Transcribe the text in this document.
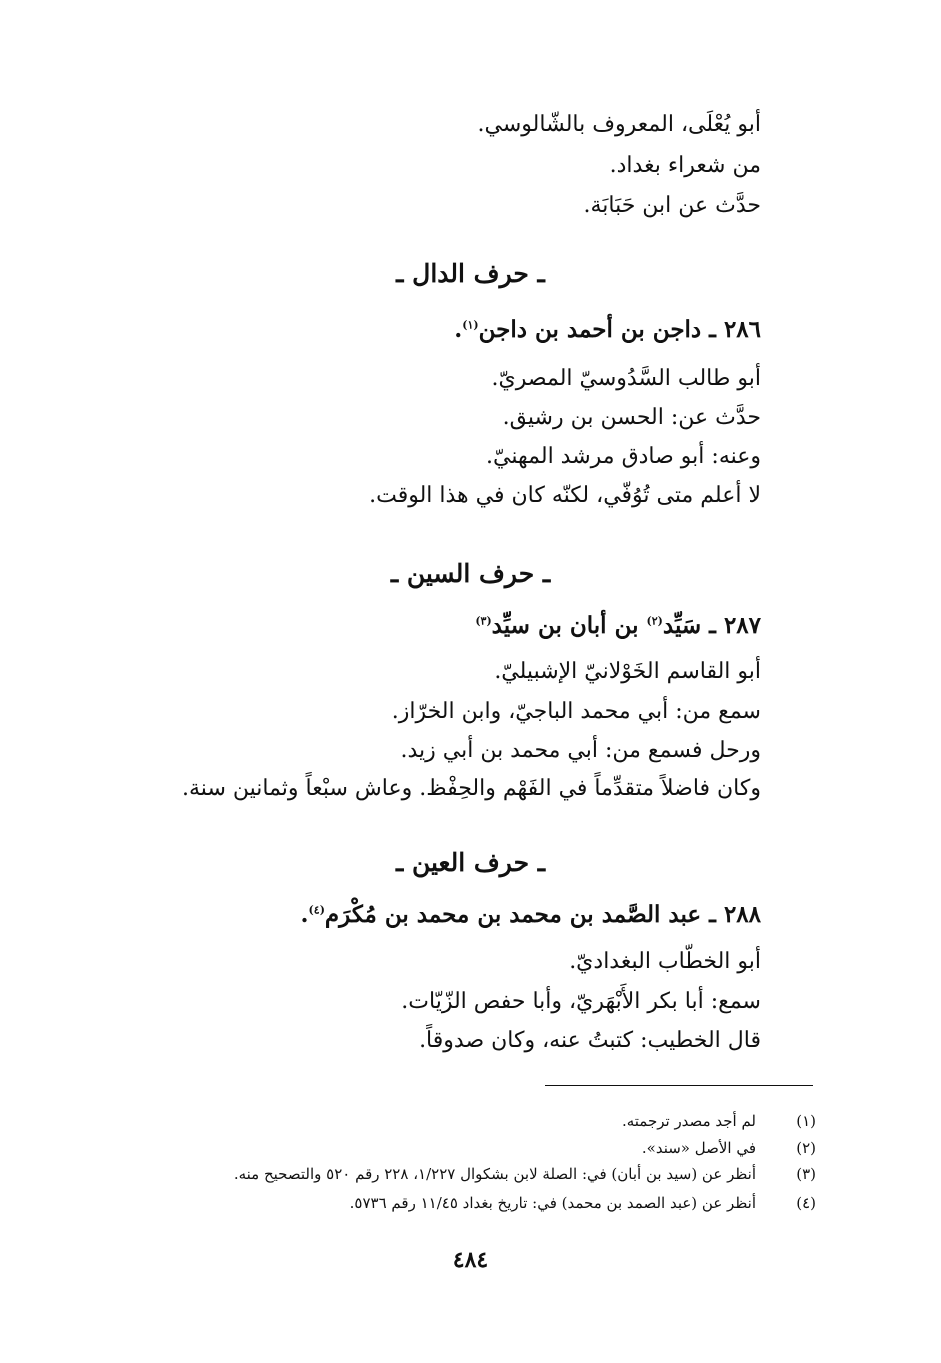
أبو يُعْلَى، المعروف بالشّالوسي.
من شعراء بغداد.
حدَّث عن ابن حَبَابَة.
ـ حرف الدال ـ
٢٨٦ ـ داجن بن أحمد بن داجن$^{(١)}$.
أبو طالب السَّدُوسيّ المصريّ.
حدَّث عن: الحسن بن رشيق.
وعنه: أبو صادق مرشد المهنيّ.
لا أعلم متى تُوُفّي، لكنّه كان في هذا الوقت.
ـ حرف السين ـ
٢٨٧ ـ سَيِّد$^{(٢)}$ بن أبان بن سيِّد$^{(٣)}$
أبو القاسم الخَوْلانيّ الإشبيليّ.
سمع من: أبي محمد الباجيّ، وابن الخرّاز.
ورحل فسمع من: أبي محمد بن أبي زيد.
وكان فاضلاً متقدِّماً في الفَهْم والحِفْظ. وعاش سبْعاً وثمانين سنة.
ـ حرف العين ـ
٢٨٨ ـ عبد الصَّمد بن محمد بن محمد بن مُكْرَم$^{(٤)}$.
أبو الخطّاب البغداديّ.
سمع: أبا بكر الأَبْهَريّ، وأبا حفص الزّيّات.
قال الخطيب: كتبتُ عنه، وكان صدوقاً.
(١)لم أجد مصدر ترجمته.
(٢)في الأصل «سند».
(٣)أنظر عن (سيد بن أبان) في: الصلة لابن بشكوال ١/٢٢٧، ٢٢٨ رقم ٥٢٠ والتصحيح منه.
(٤)أنظر عن (عبد الصمد بن محمد) في: تاريخ بغداد ١١/٤٥ رقم ٥٧٣٦.
٤٨٤
